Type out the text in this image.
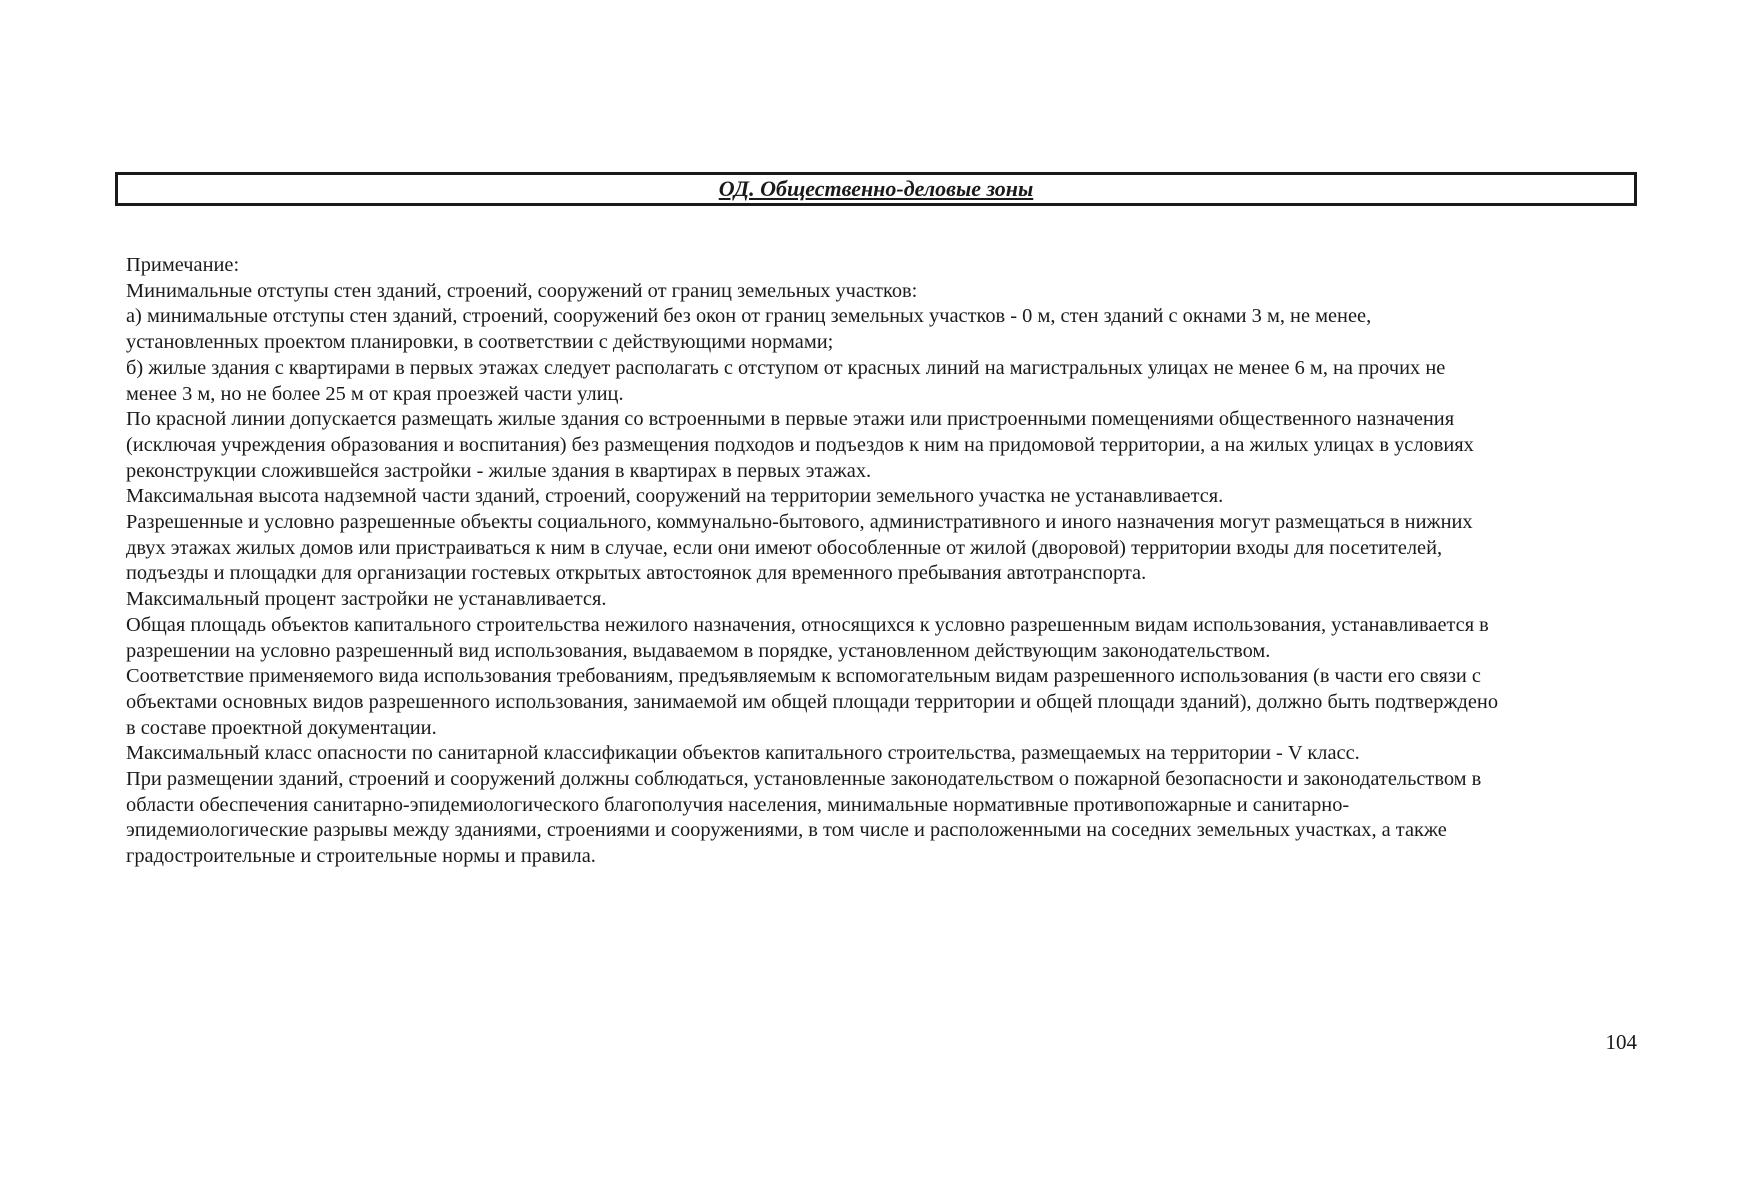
ОД. Общественно-деловые зоны

Примечание:

Минимальные отступы стен зданий, строений, сооружений от границ земельных участков:

а) минимальные отступы стен зданий, строений, сооружений без окон от границ земельных участков - 0 м, стен зданий с окнами 3 м, не менее,

установленных проектом планировки, в соответствии с действующими нормами;

б) жилые здания с квартирами в первых этажах следует располагать с отступом от красных линий на магистральных улицах не менее 6 м, на прочих не

менее 3 м, но не более 25 м от края проезжей части улиц.

По красной линии допускается размещать жилые здания со встроенными в первые этажи или пристроенными помещениями общественного назначения

(исключая учреждения образования и воспитания) без размещения подходов и подъездов к ним на придомовой территории, а на жилых улицах в условиях

реконструкции сложившейся застройки - жилые здания в квартирах в первых этажах.

Максимальная высота надземной части зданий, строений, сооружений на территории земельного участка не устанавливается.

Разрешенные и условно разрешенные объекты социального, коммунально-бытового, административного и иного назначения могут размещаться в нижних

двух этажах жилых домов или пристраиваться к ним в случае, если они имеют обособленные от жилой (дворовой) территории входы для посетителей,

подъезды и площадки для организации гостевых открытых автостоянок для временного пребывания автотранспорта.

Максимальный процент застройки не устанавливается.

Общая площадь объектов капитального строительства нежилого назначения, относящихся к условно разрешенным видам использования, устанавливается в

разрешении на условно разрешенный вид использования, выдаваемом в порядке, установленном действующим законодательством.

Соответствие применяемого вида использования требованиям, предъявляемым к вспомогательным видам разрешенного использования (в части его связи с

объектами основных видов разрешенного использования, занимаемой им общей площади территории и общей площади зданий), должно быть подтверждено

в составе проектной документации.

Максимальный класс опасности по санитарной классификации объектов капитального строительства, размещаемых на территории - V класс.

При размещении зданий, строений и сооружений должны соблюдаться, установленные законодательством о пожарной безопасности и законодательством в

области обеспечения санитарно-эпидемиологического благополучия населения, минимальные нормативные противопожарные и санитарно-

эпидемиологические разрывы между зданиями, строениями и сооружениями, в том числе и расположенными на соседних земельных участках, а также

градостроительные и строительные нормы и правила.

104
